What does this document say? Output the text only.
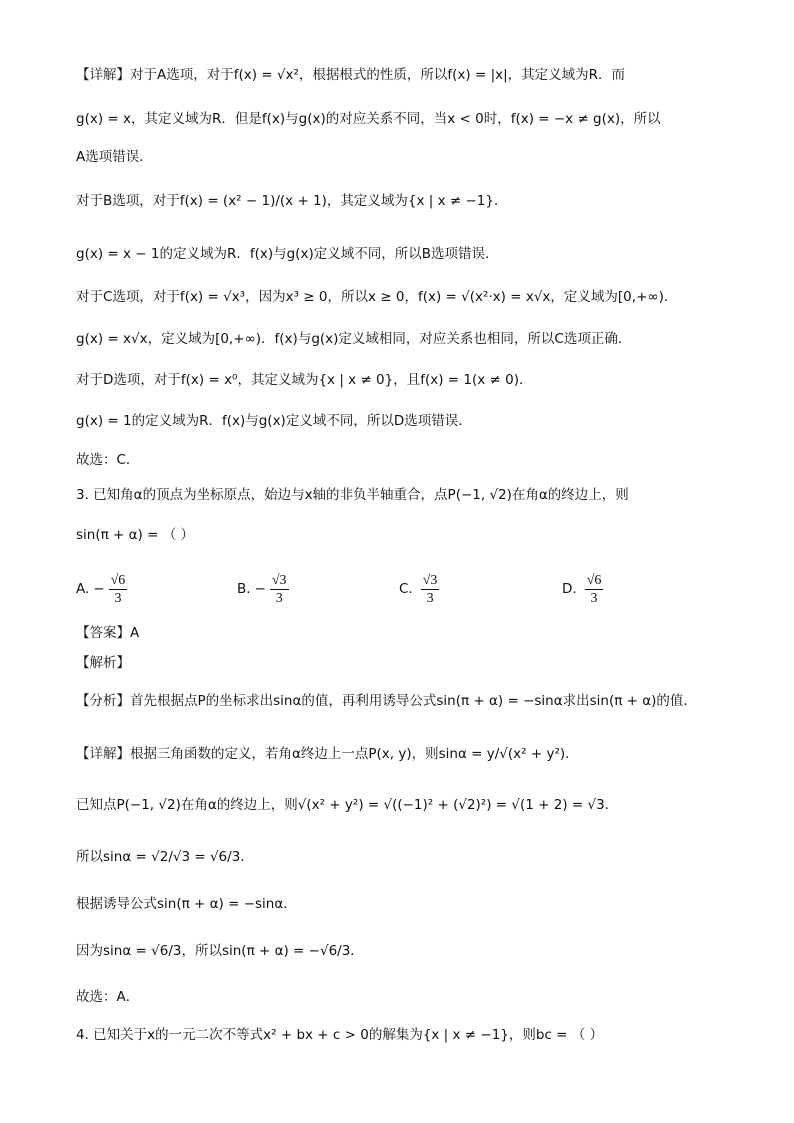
【详解】对于A选项，对于f(x) = √x²，根据根式的性质，所以f(x) = |x|，其定义域为R．而
g(x) = x，其定义域为R．但是f(x)与g(x)的对应关系不同，当x < 0时，f(x) = −x ≠ g(x)，所以
A选项错误．
对于B选项，对于f(x) = (x² − 1)/(x + 1)，其定义域为{x | x ≠ −1}．
g(x) = x − 1的定义域为R．f(x)与g(x)定义域不同，所以B选项错误．
对于C选项，对于f(x) = √x³，因为x³ ≥ 0，所以x ≥ 0，f(x) = √(x²·x) = x√x，定义域为[0,+∞)．
g(x) = x√x，定义域为[0,+∞)．f(x)与g(x)定义域相同，对应关系也相同，所以C选项正确．
对于D选项，对于f(x) = x⁰，其定义域为{x | x ≠ 0}，且f(x) = 1(x ≠ 0)．
g(x) = 1的定义域为R．f(x)与g(x)定义域不同，所以D选项错误．
故选：C．
3. 已知角α的顶点为坐标原点，始边与x轴的非负半轴重合，点P(−1, √2)在角α的终边上，则
sin(π + α) = （ ）
A. − $\frac{√6}{3}$	B. − $\frac{√3}{3}$	C. $\frac{√3}{3}$	D. $\frac{√6}{3}$
【答案】A
【解析】
【分析】首先根据点P的坐标求出sinα的值，再利用诱导公式sin(π + α) = −sinα求出sin(π + α)的值．
【详解】根据三角函数的定义，若角α终边上一点P(x, y)，则sinα = y/√(x² + y²)．
已知点P(−1, √2)在角α的终边上，则√(x² + y²) = √((−1)² + (√2)²) = √(1 + 2) = √3．
所以sinα = √2/√3 = √6/3．
根据诱导公式sin(π + α) = −sinα．
因为sinα = √6/3，所以sin(π + α) = −√6/3．
故选：A．
4. 已知关于x的一元二次不等式x² + bx + c > 0的解集为{x | x ≠ −1}，则bc = （ ）
